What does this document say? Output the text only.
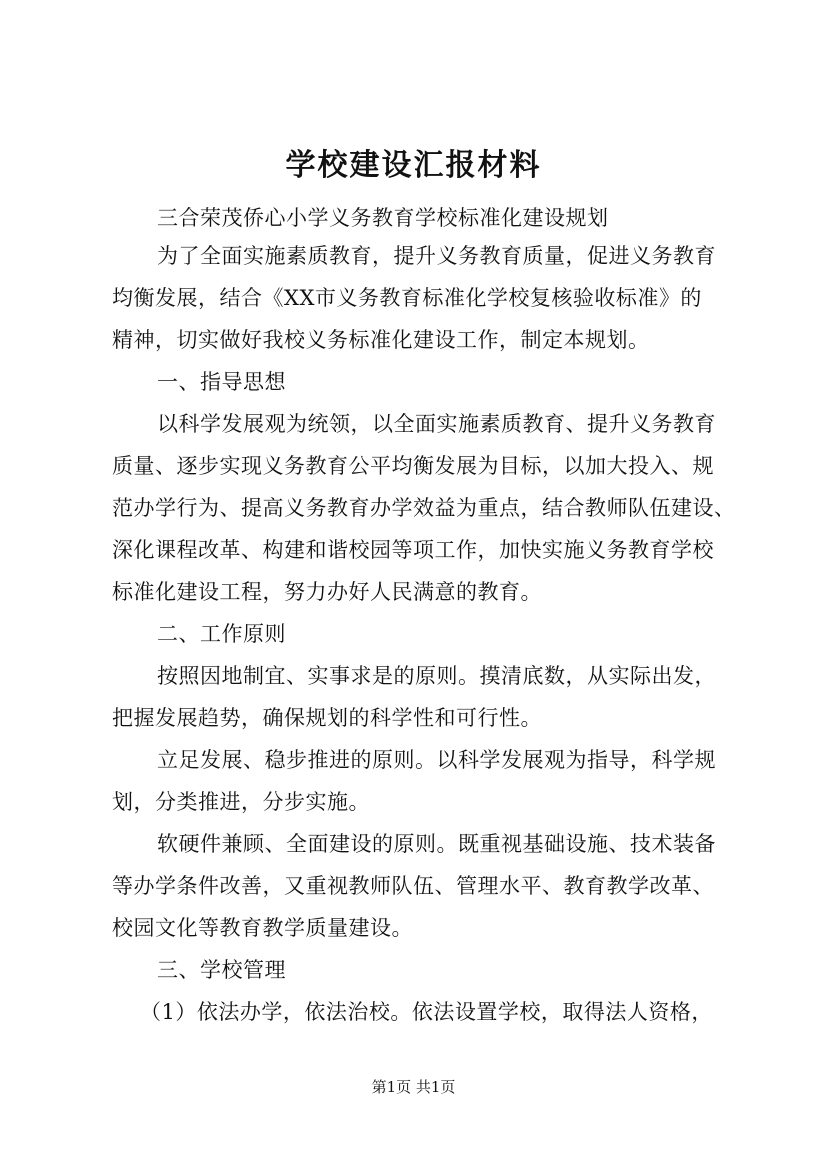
学校建设汇报材料
三合荣茂侨心小学义务教育学校标准化建设规划
为了全面实施素质教育，提升义务教育质量，促进义务教育
均衡发展，结合《XX市义务教育标准化学校复核验收标准》的
精神，切实做好我校义务标准化建设工作，制定本规划。
一、指导思想
以科学发展观为统领，以全面实施素质教育、提升义务教育
质量、逐步实现义务教育公平均衡发展为目标，以加大投入、规
范办学行为、提高义务教育办学效益为重点，结合教师队伍建设、
深化课程改革、构建和谐校园等项工作，加快实施义务教育学校
标准化建设工程，努力办好人民满意的教育。
二、工作原则
按照因地制宜、实事求是的原则。摸清底数，从实际出发，
把握发展趋势，确保规划的科学性和可行性。
立足发展、稳步推进的原则。以科学发展观为指导，科学规
划，分类推进，分步实施。
软硬件兼顾、全面建设的原则。既重视基础设施、技术装备
等办学条件改善，又重视教师队伍、管理水平、教育教学改革、
校园文化等教育教学质量建设。
三、学校管理
（1）依法办学，依法治校。依法设置学校，取得法人资格，
第1页 共1页
